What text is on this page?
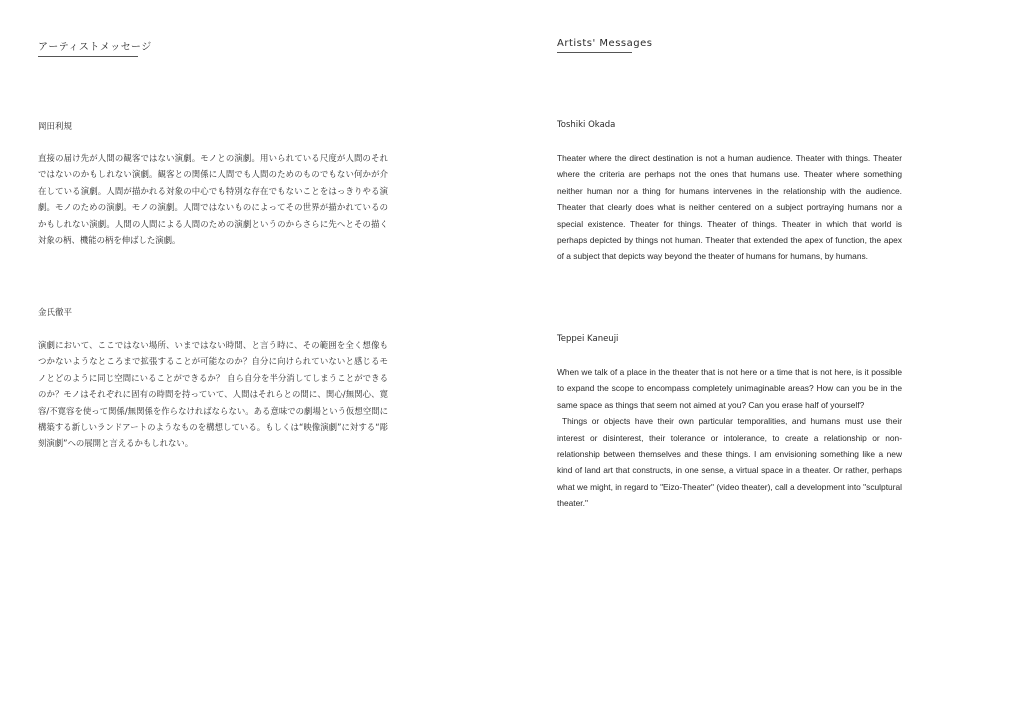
アーティストメッセージ
岡田利規

直接の届け先が人間の観客ではない演劇。モノとの演劇。用いられている尺度が人間のそれではないのかもしれない演劇。観客との関係に人間でも人間のためのものでもない何かが介在している演劇。人間が描かれる対象の中心でも特別な存在でもないことをはっきりやる演劇。モノのための演劇。モノの演劇。人間ではないものによってその世界が描かれているのかもしれない演劇。人間の人間による人間のための演劇というのからさらに先へとその描く対象の柄、機能の柄を伸ばした演劇。

金氏徹平

演劇において、ここではない場所、いまではない時間、と言う時に、その範囲を全く想像もつかないようなところまで拡張することが可能なのか？自分に向けられていないと感じるモノとどのように同じ空間にいることができるか？ 自ら自分を半分消してしまうことができるのか？モノはそれぞれに固有の時間を持っていて、人間はそれらとの間に、関心/無関心、寛容/不寛容を使って関係/無関係を作らなければならない。ある意味での劇場という仮想空間に構築する新しいランドアートのようなものを構想している。もしくは“映像演劇”に対する“彫刻演劇”への展開と言えるかもしれない。

Artists' Messages
Toshiki Okada

Theater where the direct destination is not a human audience. Theater with things. Theater where the criteria are perhaps not the ones that humans use. Theater where something neither human nor a thing for humans intervenes in the relationship with the audience. Theater that clearly does what is neither centered on a subject portraying humans nor a special existence. Theater for things. Theater of things. Theater in which that world is perhaps depicted by things not human. Theater that extended the apex of function, the apex of a subject that depicts way beyond the theater of humans for humans, by humans.

Teppei Kaneuji

When we talk of a place in the theater that is not here or a time that is not here, is it possible to expand the scope to encompass completely unimaginable areas? How can you be in the same space as things that seem not aimed at you? Can you erase half of yourself?

Things or objects have their own particular temporalities, and humans must use their interest or disinterest, their tolerance or intolerance, to create a relationship or non-relationship between themselves and these things. I am envisioning something like a new kind of land art that constructs, in one sense, a virtual space in a theater. Or rather, perhaps what we might, in regard to "Eizo-Theater" (video theater), call a development into "sculptural theater."
